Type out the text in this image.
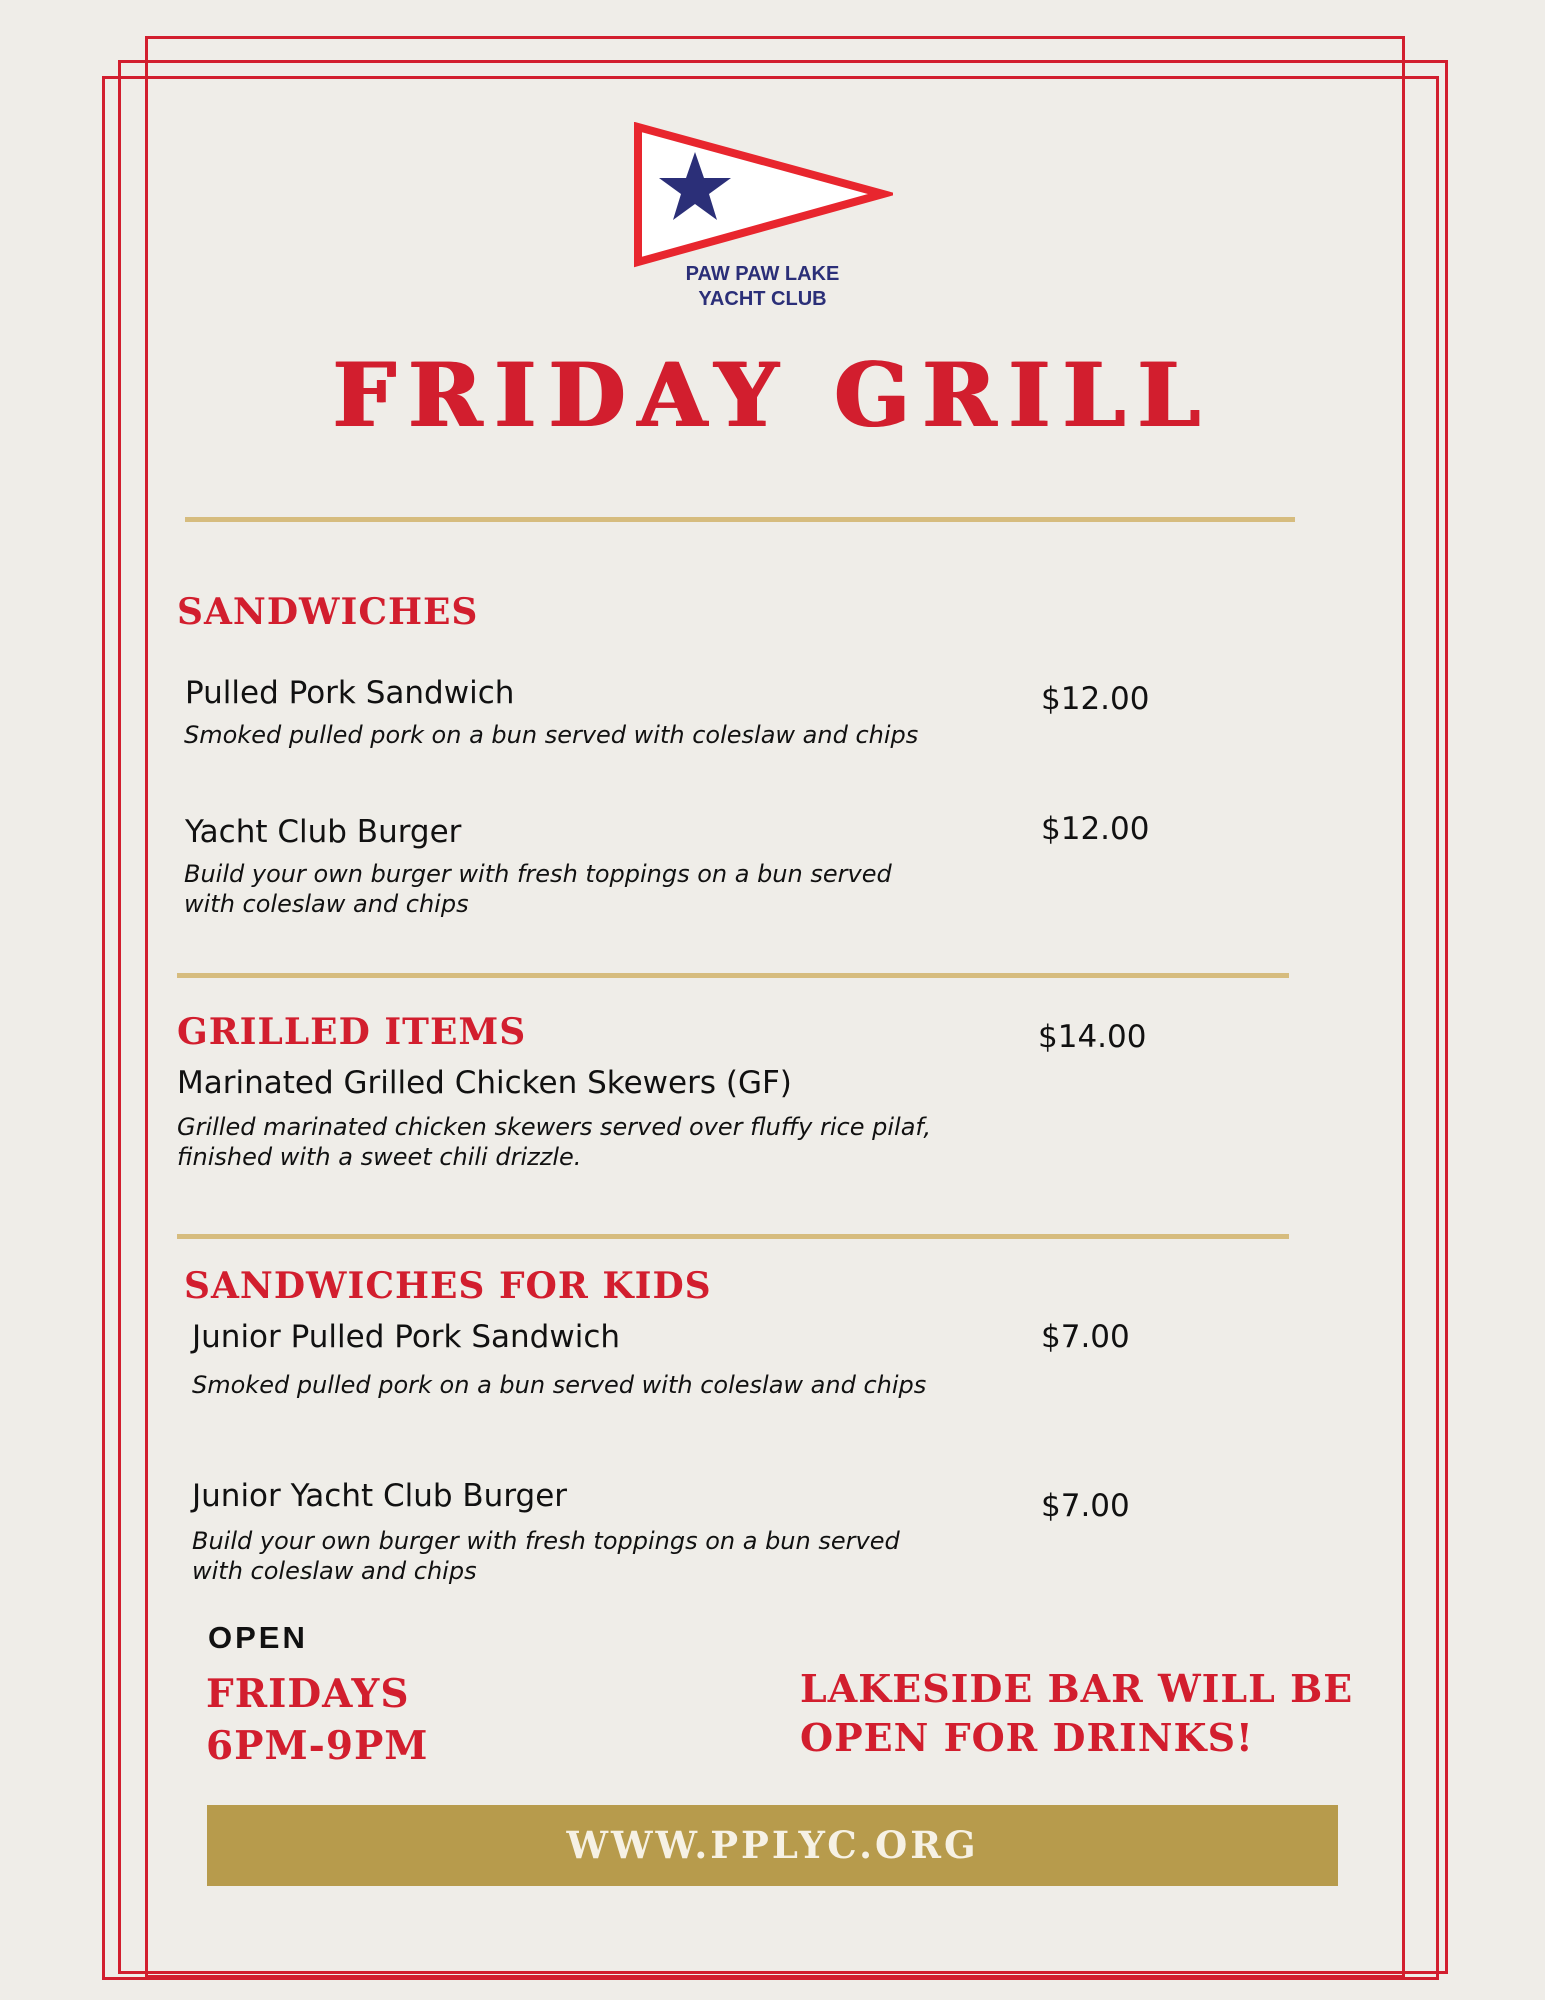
PAW PAW LAKE
YACHT CLUB
FRIDAY GRILL
SANDWICHES
Pulled Pork Sandwich
Smoked pulled pork on a bun served with coleslaw and chips
$12.00
Yacht Club Burger
Build your own burger with fresh toppings on a bun served with coleslaw and chips
$12.00
GRILLED ITEMS	$14.00
Marinated Grilled Chicken Skewers (GF)
Grilled marinated chicken skewers served over fluffy rice pilaf, finished with a sweet chili drizzle.
SANDWICHES FOR KIDS
Junior Pulled Pork Sandwich
Smoked pulled pork on a bun served with coleslaw and chips
$7.00
Junior Yacht Club Burger
Build your own burger with fresh toppings on a bun served with coleslaw and chips
$7.00
OPEN
FRIDAYS
6PM-9PM
LAKESIDE BAR WILL BE
OPEN FOR DRINKS!
WWW.PPLYC.ORG
